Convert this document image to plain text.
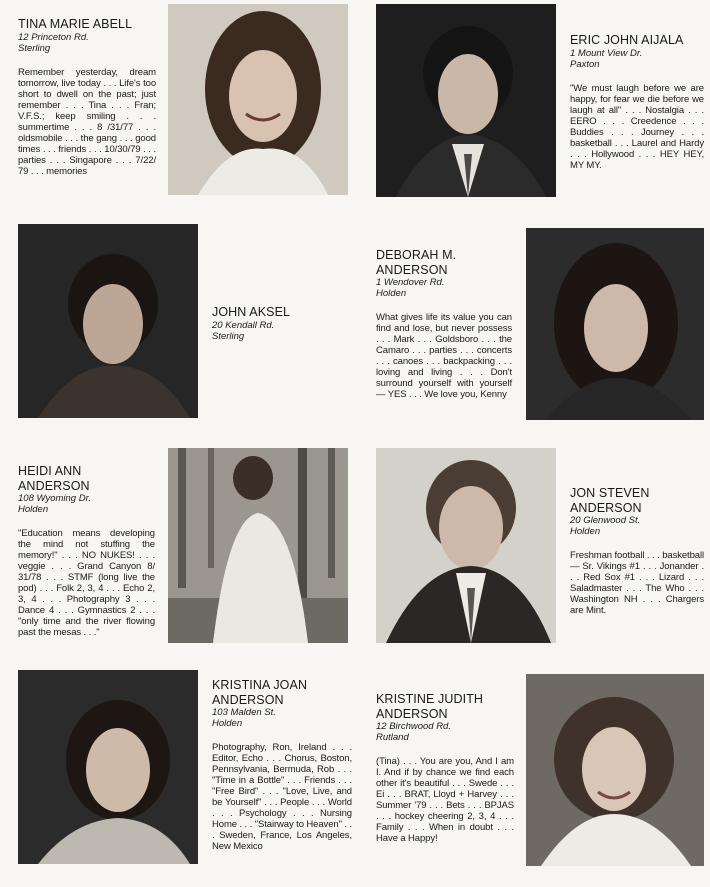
TINA MARIE ABELL
12 Princeton Rd.
Sterling
Remember yesterday, dream tomorrow, live today . . . Life's too short to dwell on the past; just remember . . . Tina . . . Fran; V.F.S.; keep smiling . . . summertime . . . 8 /31/77 . . . oldsmobile . . . the gang . . . good times . . . friends . . . 10/30/79 . . . parties . . . Singapore . . . 7/22/ 79 . . . memories
ERIC JOHN AIJALA
1 Mount View Dr.
Paxton
"We must laugh before we are happy, for fear we die before we laugh at all" . . . Nostalgia . . . EERO . . . Creedence . . . Buddies . . . Journey . . . basketball . . . Laurel and Hardy . . . Hollywood . . . HEY HEY, MY MY.
JOHN AKSEL
20 Kendall Rd.
Sterling
DEBORAH M.
ANDERSON
1 Wendover Rd.
Holden
What gives life its value you can find and lose, but never possess . . . Mark . . . Goldsboro . . . the Camaro . . . parties . . . concerts . . . canoes . . . backpacking . . . loving and living . . . Don't surround yourself with yourself — YES . . . We love you, Kenny
HEIDI ANN
ANDERSON
108 Wyoming Dr.
Holden
"Education means developing the mind not stuffing the memory!" . . . NO NUKES! . . . veggie . . . Grand Canyon 8/ 31/78 . . . STMF (long live the pod) . . . Folk 2, 3, 4 . . . Echo 2, 3, 4 . . . Photography 3 . . . Dance 4 . . . Gymnastics 2 . . . "only time and the river flowing past the mesas . . ."
JON STEVEN
ANDERSON
20 Glenwood St.
Holden
Freshman football . . . basketball — Sr. Vikings #1 . . . Jonander . . . Red Sox #1 . . . Lizard . . . Saladmaster . . . The Who . . . Washington NH . . . Chargers are Mint.
KRISTINA JOAN
ANDERSON
103 Malden St.
Holden
Photography, Ron, Ireland . . . Editor, Echo . . . Chorus, Boston, Pennsylvania, Bermuda, Rob . . . "Time in a Bottle" . . . Friends . . . "Free Bird" . . . "Love, Live, and be Yourself" . . . People . . . World . . . Psychology . . . Nursing Home . . . "Stairway to Heaven" . . . Sweden, France, Los Angeles, New Mexico
KRISTINE JUDITH
ANDERSON
12 Birchwood Rd.
Rutland
(Tina) . . . You are you, And I am I. And if by chance we find each other it's beautiful . . . Swede . . . Ei . . . BRAT, Lloyd + Harvey . . . Summer '79 . . . Bets . . . BPJAS . . . hockey cheering 2, 3, 4 . . . Family . . . When in doubt . . . Have a Happy!
